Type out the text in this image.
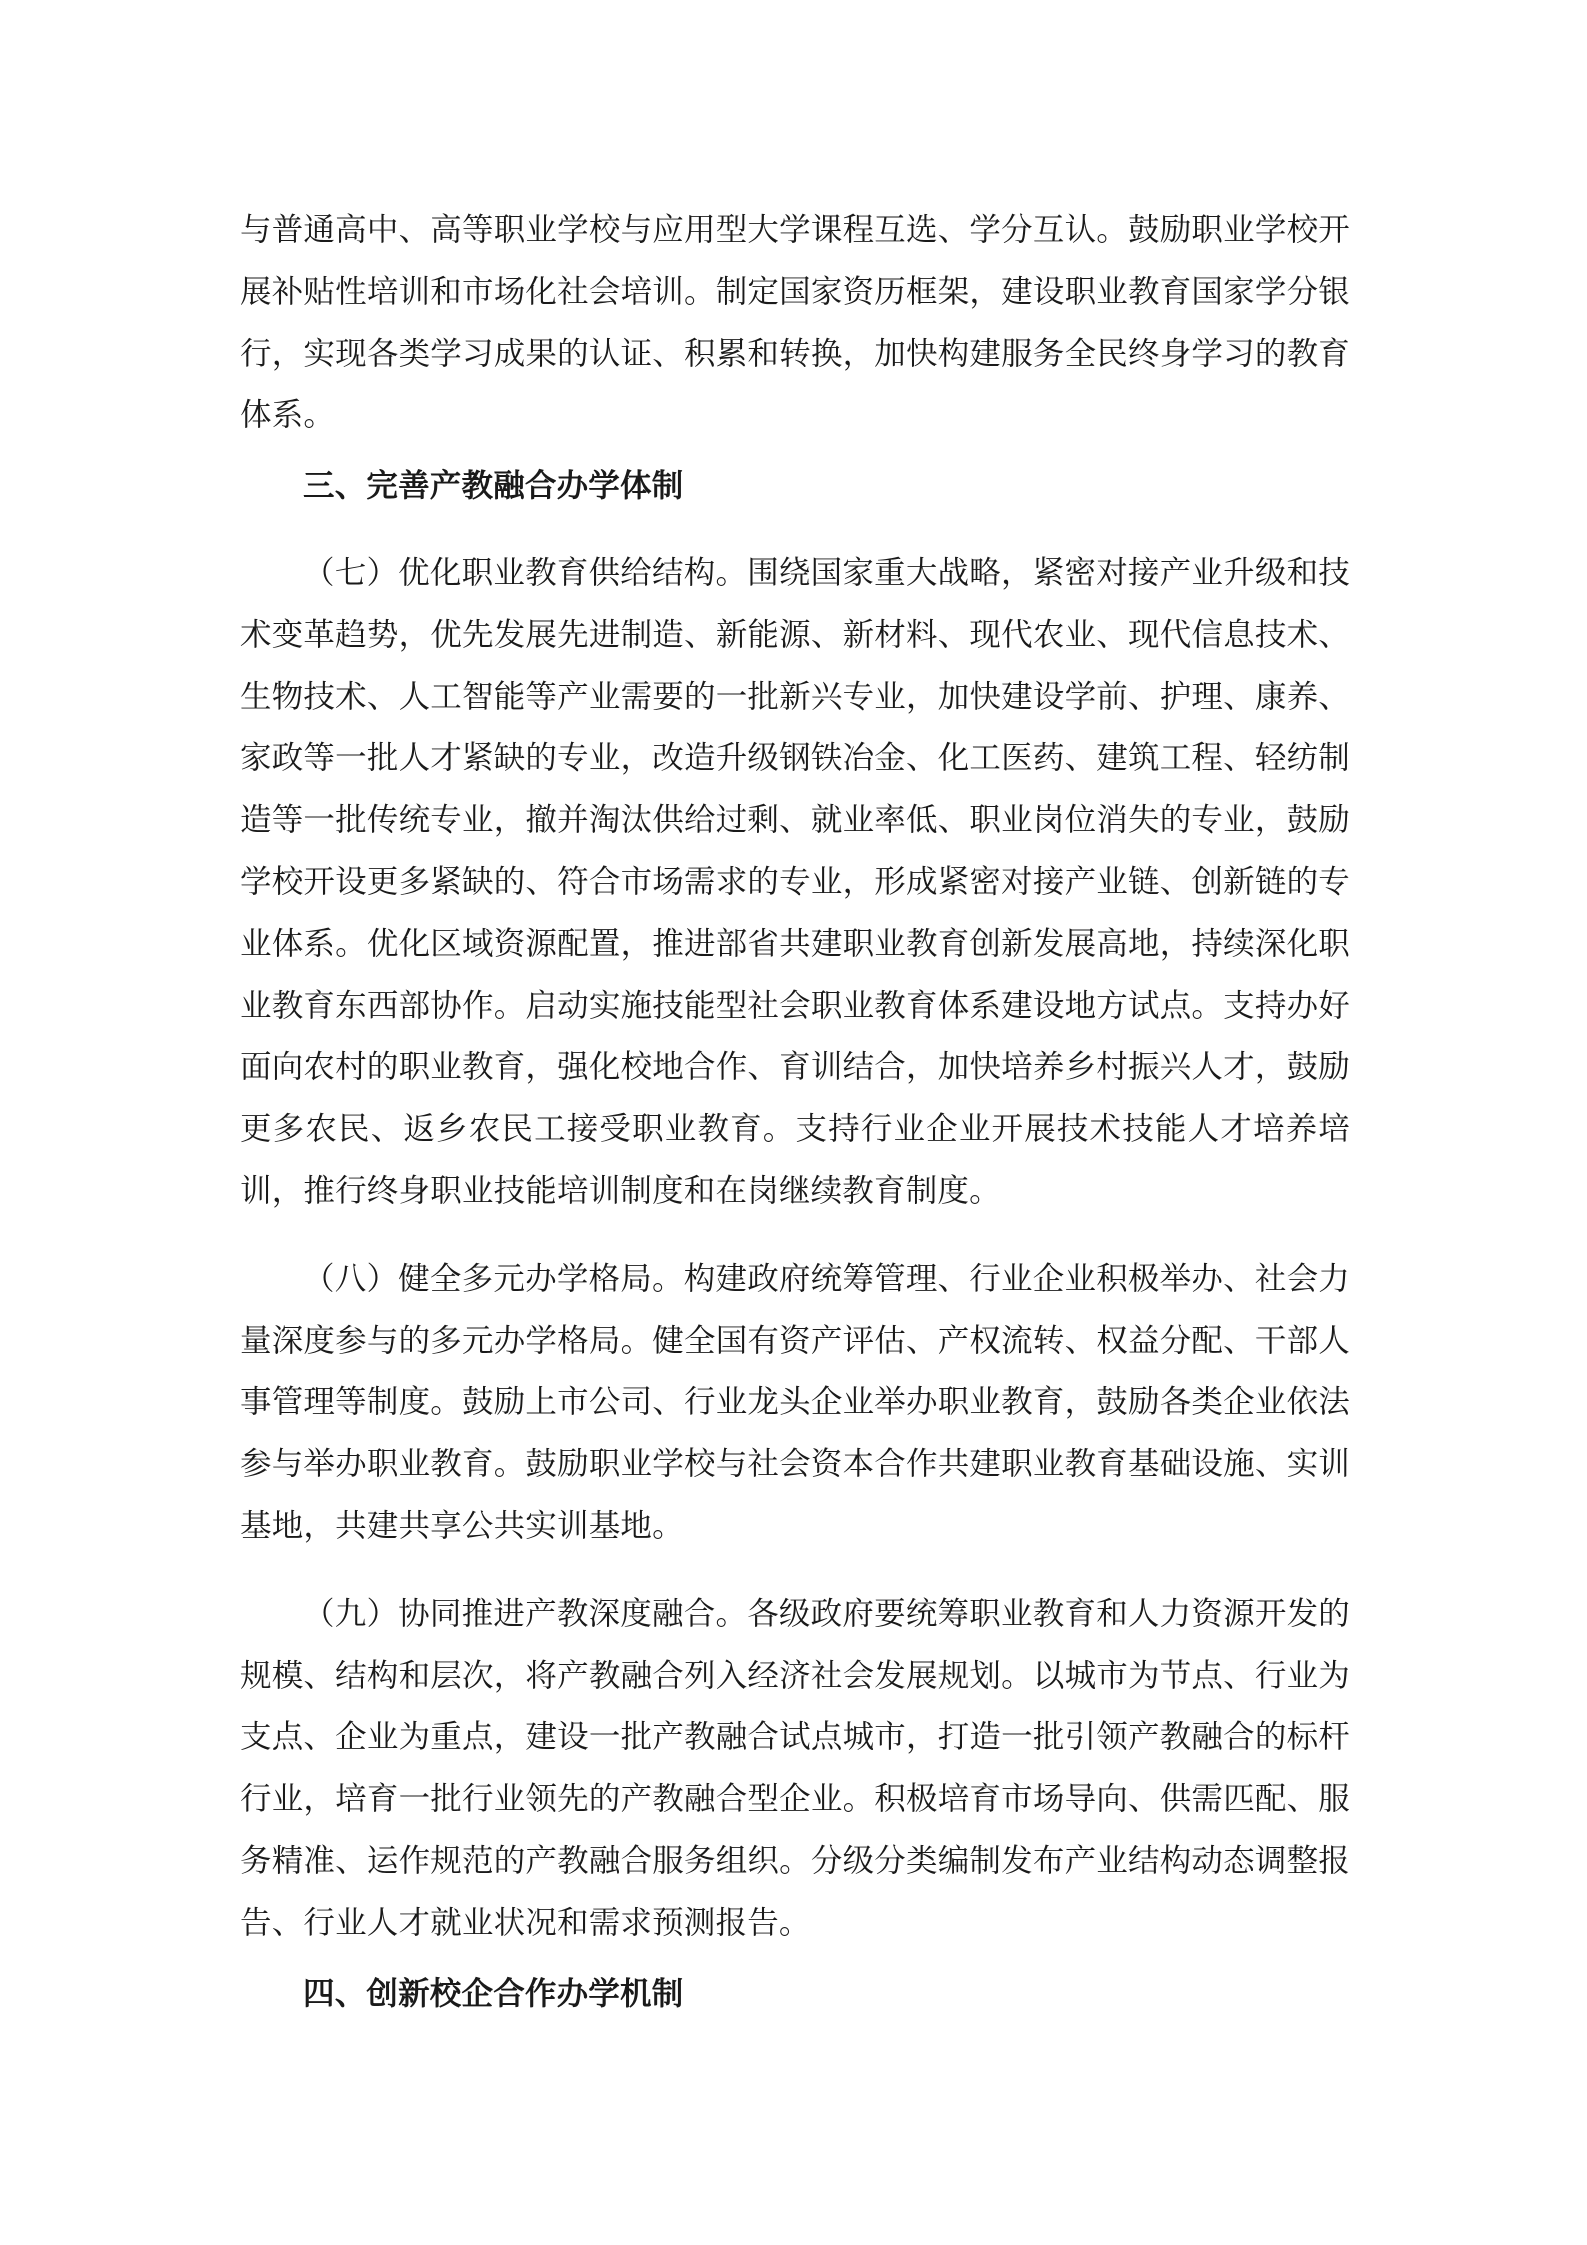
与普通高中、高等职业学校与应用型大学课程互选、学分互认。鼓励职业学校开展补贴性培训和市场化社会培训。制定国家资历框架，建设职业教育国家学分银行，实现各类学习成果的认证、积累和转换，加快构建服务全民终身学习的教育体系。

三、完善产教融合办学体制

（七）优化职业教育供给结构。围绕国家重大战略，紧密对接产业升级和技术变革趋势，优先发展先进制造、新能源、新材料、现代农业、现代信息技术、生物技术、人工智能等产业需要的一批新兴专业，加快建设学前、护理、康养、家政等一批人才紧缺的专业，改造升级钢铁冶金、化工医药、建筑工程、轻纺制造等一批传统专业，撤并淘汰供给过剩、就业率低、职业岗位消失的专业，鼓励学校开设更多紧缺的、符合市场需求的专业，形成紧密对接产业链、创新链的专业体系。优化区域资源配置，推进部省共建职业教育创新发展高地，持续深化职业教育东西部协作。启动实施技能型社会职业教育体系建设地方试点。支持办好面向农村的职业教育，强化校地合作、育训结合，加快培养乡村振兴人才，鼓励更多农民、返乡农民工接受职业教育。支持行业企业开展技术技能人才培养培训，推行终身职业技能培训制度和在岗继续教育制度。

（八）健全多元办学格局。构建政府统筹管理、行业企业积极举办、社会力量深度参与的多元办学格局。健全国有资产评估、产权流转、权益分配、干部人事管理等制度。鼓励上市公司、行业龙头企业举办职业教育，鼓励各类企业依法参与举办职业教育。鼓励职业学校与社会资本合作共建职业教育基础设施、实训基地，共建共享公共实训基地。

（九）协同推进产教深度融合。各级政府要统筹职业教育和人力资源开发的规模、结构和层次，将产教融合列入经济社会发展规划。以城市为节点、行业为支点、企业为重点，建设一批产教融合试点城市，打造一批引领产教融合的标杆行业，培育一批行业领先的产教融合型企业。积极培育市场导向、供需匹配、服务精准、运作规范的产教融合服务组织。分级分类编制发布产业结构动态调整报告、行业人才就业状况和需求预测报告。

四、创新校企合作办学机制
